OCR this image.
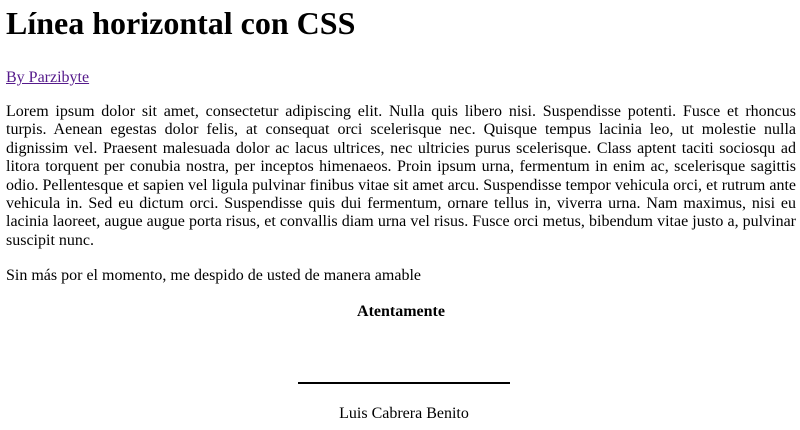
Línea horizontal con CSS

By Parzibyte

Lorem ipsum dolor sit amet, consectetur adipiscing elit. Nulla quis libero nisi. Suspendisse potenti. Fusce et rhoncus turpis. Aenean egestas dolor felis, at consequat orci scelerisque nec. Quisque tempus lacinia leo, ut molestie nulla dignissim vel. Praesent malesuada dolor ac lacus ultrices, nec ultricies purus scelerisque. Class aptent taciti sociosqu ad litora torquent per conubia nostra, per inceptos himenaeos. Proin ipsum urna, fermentum in enim ac, scelerisque sagittis odio. Pellentesque et sapien vel ligula pulvinar finibus vitae sit amet arcu. Suspendisse tempor vehicula orci, et rutrum ante vehicula in. Sed eu dictum orci. Suspendisse quis dui fermentum, ornare tellus in, viverra urna. Nam maximus, nisi eu lacinia laoreet, augue augue porta risus, et convallis diam urna vel risus. Fusce orci metus, bibendum vitae justo a, pulvinar suscipit nunc.

Sin más por el momento, me despido de usted de manera amable

Atentamente

Luis Cabrera Benito
